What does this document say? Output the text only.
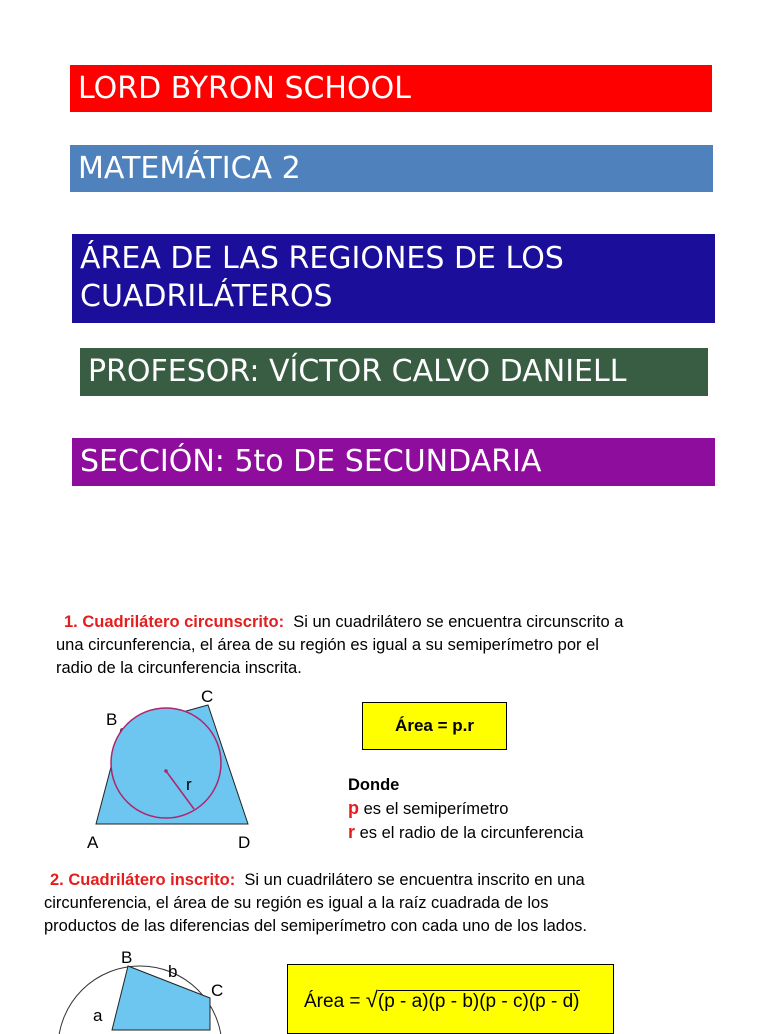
LORD BYRON SCHOOL
MATEMÁTICA 2
ÁREA DE LAS REGIONES DE LOS
CUADRILÁTEROS
PROFESOR: VÍCTOR CALVO DANIELL
SECCIÓN: 5to DE SECUNDARIA
1. Cuadrilátero circunscrito: Si un cuadrilátero se encuentra circunscrito a
una circunferencia, el área de su región es igual a su semiperímetro por el
radio de la circunferencia inscrita.
B
C
A	D
r
Área = p.r
Donde
p es el semiperímetro
r es el radio de la circunferencia
2. Cuadrilátero inscrito: Si un cuadrilátero se encuentra inscrito en una
circunferencia, el área de su región es igual a la raíz cuadrada de los
productos de las diferencias del semiperímetro con cada uno de los lados.
B
C
b
a
Área = √(p - a)(p - b)(p - c)(p - d)
